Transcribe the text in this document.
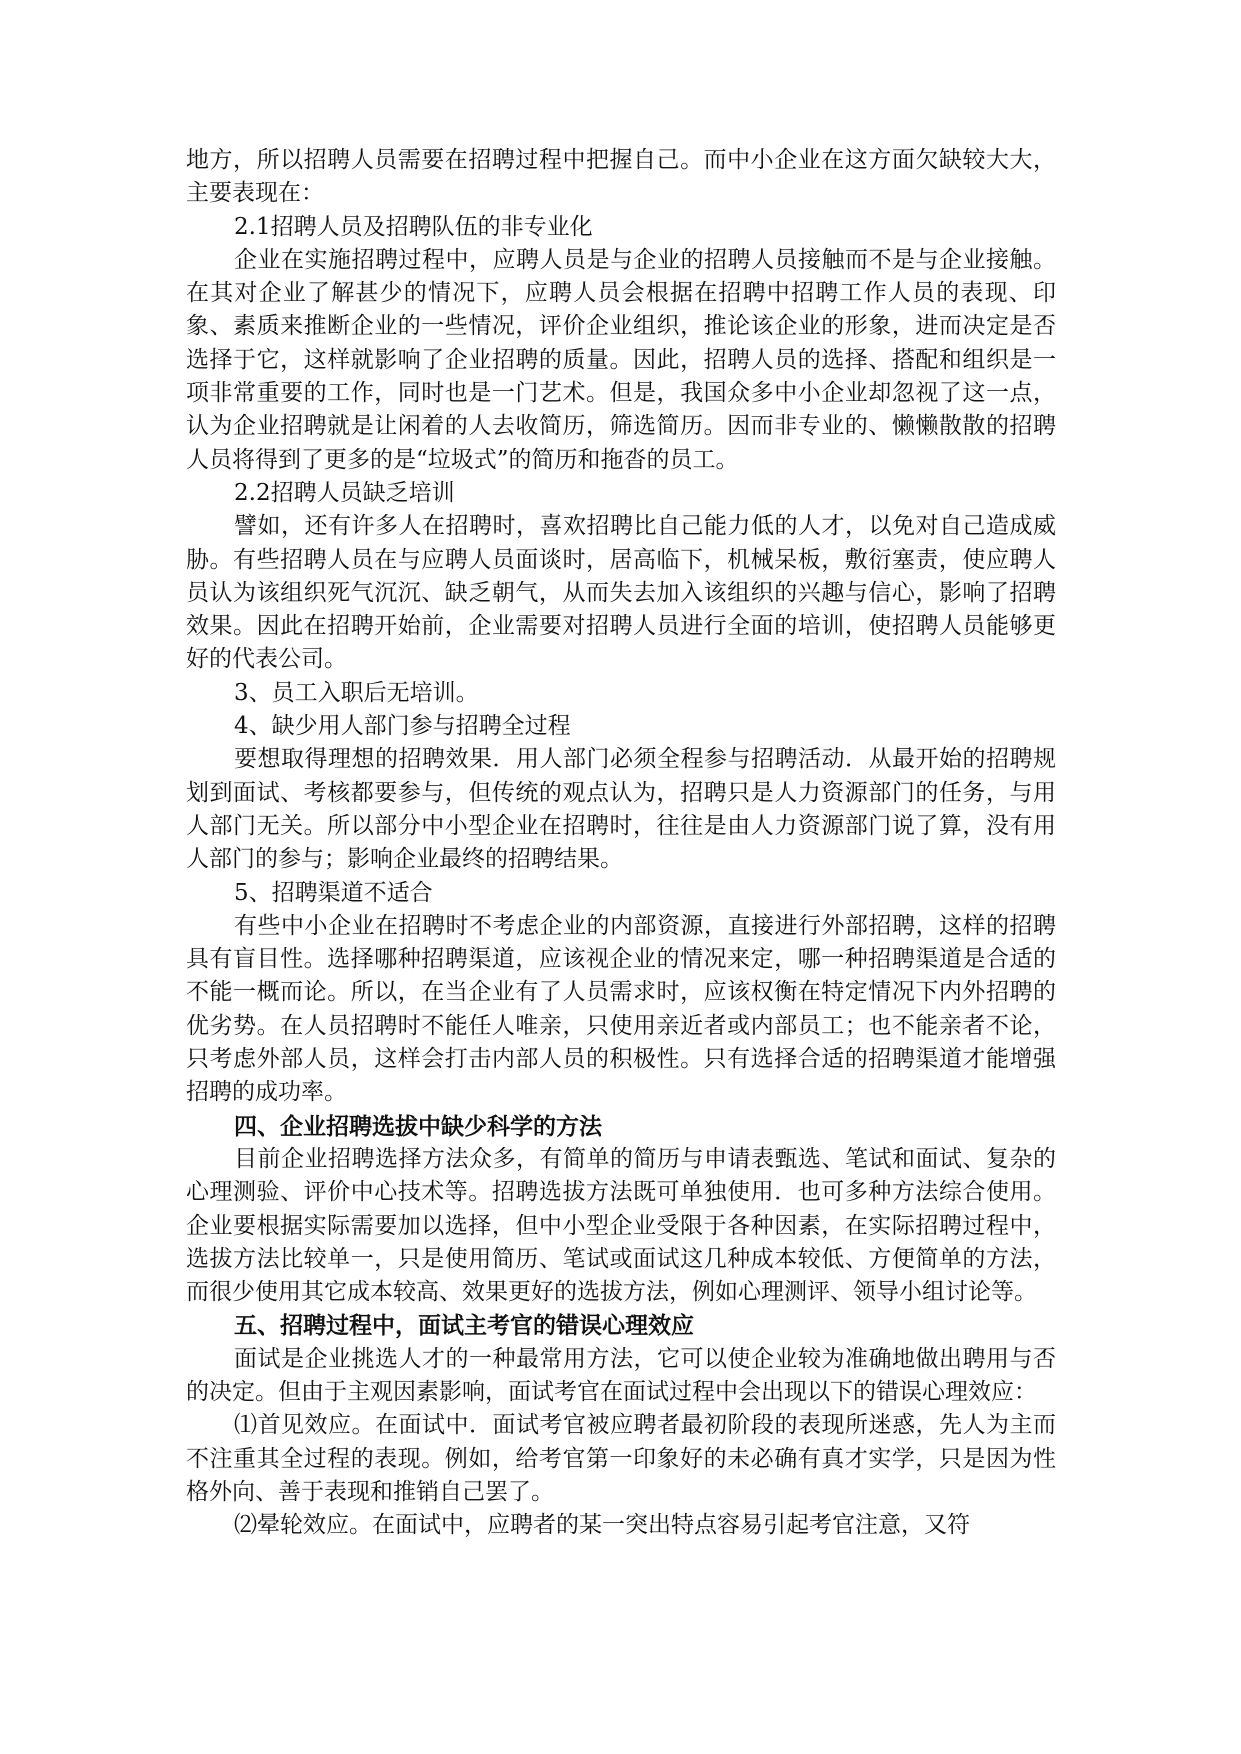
地方，所以招聘人员需要在招聘过程中把握自己。而中小企业在这方面欠缺较大大，主要表现在：

2.1招聘人员及招聘队伍的非专业化

企业在实施招聘过程中，应聘人员是与企业的招聘人员接触而不是与企业接触。在其对企业了解甚少的情况下，应聘人员会根据在招聘中招聘工作人员的表现、印象、素质来推断企业的一些情况，评价企业组织，推论该企业的形象，进而决定是否选择于它，这样就影响了企业招聘的质量。因此，招聘人员的选择、搭配和组织是一项非常重要的工作，同时也是一门艺术。但是，我国众多中小企业却忽视了这一点，认为企业招聘就是让闲着的人去收简历，筛选简历。因而非专业的、懒懒散散的招聘人员将得到了更多的是“垃圾式”的简历和拖沓的员工。

2.2招聘人员缺乏培训

譬如，还有许多人在招聘时，喜欢招聘比自己能力低的人才，以免对自己造成威胁。有些招聘人员在与应聘人员面谈时，居高临下，机械呆板，敷衍塞责，使应聘人员认为该组织死气沉沉、缺乏朝气，从而失去加入该组织的兴趣与信心，影响了招聘效果。因此在招聘开始前，企业需要对招聘人员进行全面的培训，使招聘人员能够更好的代表公司。

3、员工入职后无培训。

4、缺少用人部门参与招聘全过程

要想取得理想的招聘效果．用人部门必须全程参与招聘活动．从最开始的招聘规划到面试、考核都要参与，但传统的观点认为，招聘只是人力资源部门的任务，与用人部门无关。所以部分中小型企业在招聘时，往往是由人力资源部门说了算，没有用人部门的参与；影响企业最终的招聘结果。

5、招聘渠道不适合

有些中小企业在招聘时不考虑企业的内部资源，直接进行外部招聘，这样的招聘具有盲目性。选择哪种招聘渠道，应该视企业的情况来定，哪一种招聘渠道是合适的不能一概而论。所以，在当企业有了人员需求时，应该权衡在特定情况下内外招聘的优劣势。在人员招聘时不能任人唯亲，只使用亲近者或内部员工；也不能亲者不论，只考虑外部人员，这样会打击内部人员的积极性。只有选择合适的招聘渠道才能增强招聘的成功率。

四、企业招聘选拔中缺少科学的方法

目前企业招聘选择方法众多，有简单的简历与申请表甄选、笔试和面试、复杂的心理测验、评价中心技术等。招聘选拔方法既可单独使用．也可多种方法综合使用。企业要根据实际需要加以选择，但中小型企业受限于各种因素，在实际招聘过程中，选拔方法比较单一，只是使用简历、笔试或面试这几种成本较低、方便简单的方法，而很少使用其它成本较高、效果更好的选拔方法，例如心理测评、领导小组讨论等。

五、招聘过程中，面试主考官的错误心理效应

面试是企业挑选人才的一种最常用方法，它可以使企业较为准确地做出聘用与否的决定。但由于主观因素影响，面试考官在面试过程中会出现以下的错误心理效应：

⑴首见效应。在面试中．面试考官被应聘者最初阶段的表现所迷惑，先人为主而不注重其全过程的表现。例如，给考官第一印象好的未必确有真才实学，只是因为性格外向、善于表现和推销自己罢了。

⑵晕轮效应。在面试中，应聘者的某一突出特点容易引起考官注意，又符
